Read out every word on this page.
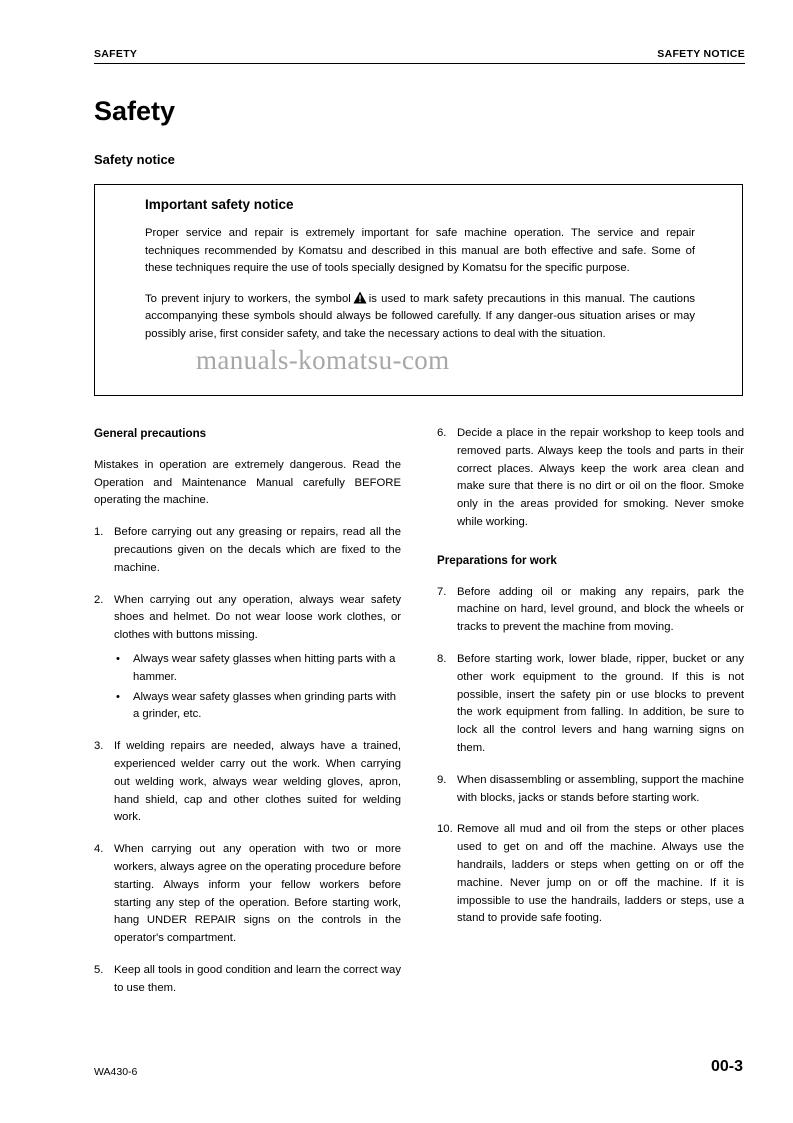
SAFETY	SAFETY NOTICE
Safety
Safety notice
Important safety notice

Proper service and repair is extremely important for safe machine operation. The service and repair techniques recommended by Komatsu and described in this manual are both effective and safe. Some of these techniques require the use of tools specially designed by Komatsu for the specific purpose.

To prevent injury to workers, the symbol is used to mark safety precautions in this manual. The cautions accompanying these symbols should always be followed carefully. If any danger-ous situation arises or may possibly arise, first consider safety, and take the necessary actions to deal with the situation.

manuals-komatsu-com
General precautions
Mistakes in operation are extremely dangerous. Read the Operation and Maintenance Manual carefully BEFORE operating the machine.
1. Before carrying out any greasing or repairs, read all the precautions given on the decals which are fixed to the machine.
2. When carrying out any operation, always wear safety shoes and helmet. Do not wear loose work clothes, or clothes with buttons missing.
• Always wear safety glasses when hitting parts with a hammer.
• Always wear safety glasses when grinding parts with a grinder, etc.
3. If welding repairs are needed, always have a trained, experienced welder carry out the work. When carrying out welding work, always wear welding gloves, apron, hand shield, cap and other clothes suited for welding work.
4. When carrying out any operation with two or more workers, always agree on the operating procedure before starting. Always inform your fellow workers before starting any step of the operation. Before starting work, hang UNDER REPAIR signs on the controls in the operator's compartment.
5. Keep all tools in good condition and learn the correct way to use them.
6. Decide a place in the repair workshop to keep tools and removed parts. Always keep the tools and parts in their correct places. Always keep the work area clean and make sure that there is no dirt or oil on the floor. Smoke only in the areas provided for smoking. Never smoke while working.
Preparations for work
7. Before adding oil or making any repairs, park the machine on hard, level ground, and block the wheels or tracks to prevent the machine from moving.
8. Before starting work, lower blade, ripper, bucket or any other work equipment to the ground. If this is not possible, insert the safety pin or use blocks to prevent the work equipment from falling. In addition, be sure to lock all the control levers and hang warning signs on them.
9. When disassembling or assembling, support the machine with blocks, jacks or stands before starting work.
10. Remove all mud and oil from the steps or other places used to get on and off the machine. Always use the handrails, ladders or steps when getting on or off the machine. Never jump on or off the machine. If it is impossible to use the handrails, ladders or steps, use a stand to provide safe footing.
WA430-6	00-3
